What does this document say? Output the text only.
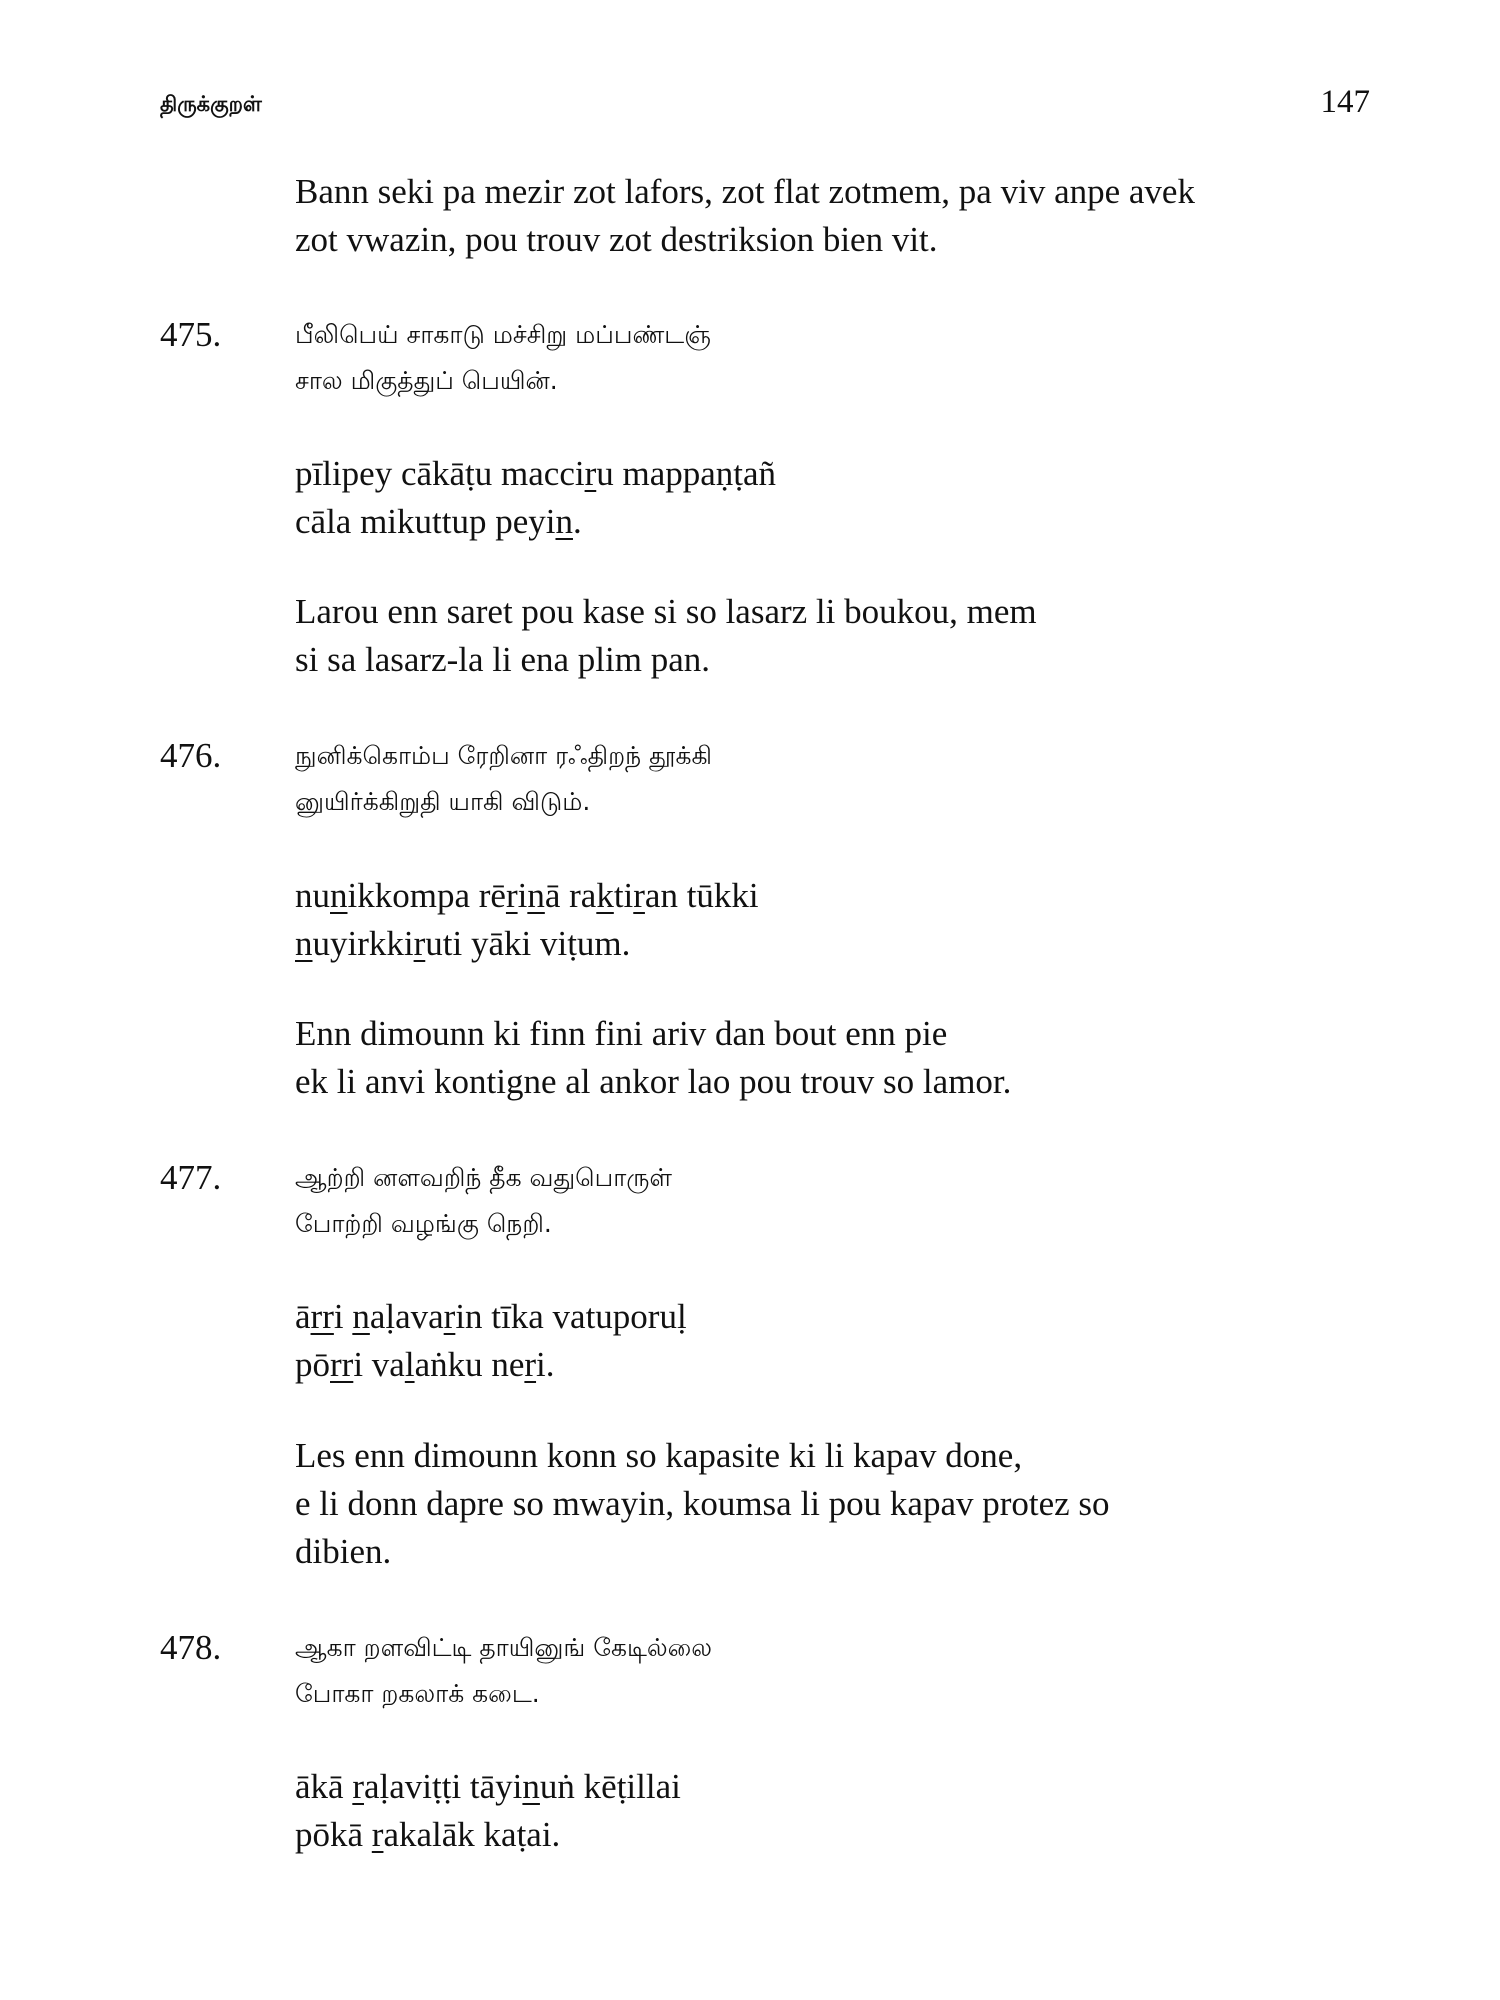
திருக்குறள்	147
Bann seki pa mezir zot lafors, zot flat zotmem, pa viv anpe avek
zot vwazin, pou trouv zot destriksion bien vit.
475.	பீலிபெய் சாகாடு மச்சிறு மப்பண்டஞ்
சால மிகுத்துப் பெயின்.
pīlipey cākāṭu macciru mappaṇṭañ
cāla mikuttup peyin.
Larou enn saret pou kase si so lasarz li boukou, mem
si sa lasarz-la li ena plim pan.
476.	நுனிக்கொம்ப ரேறினா ரஃதிறந் தூக்கி
னுயிர்க்கிறுதி யாகி விடும்.
nunikkompa rērinā raktiran tūkki
nuyirkkiruti yāki viṭum.
Enn dimounn ki finn fini ariv dan bout enn pie
ek li anvi kontigne al ankor lao pou trouv so lamor.
477.	ஆற்றி னளவறிந் தீக வதுபொருள்
போற்றி வழங்கு நெறி.
ārri naḷavarin tīka vatuporuḷ
pōrri valaṅku neri.
Les enn dimounn konn so kapasite ki li kapav done,
e li donn dapre so mwayin, koumsa li pou kapav protez so
dibien.
478.	ஆகா றளவிட்டி தாயினுங் கேடில்லை
போகா றகலாக் கடை.
ākā raḷaviṭṭi tāyinuṅ kēṭillai
pōkā rakalāk kaṭai.
